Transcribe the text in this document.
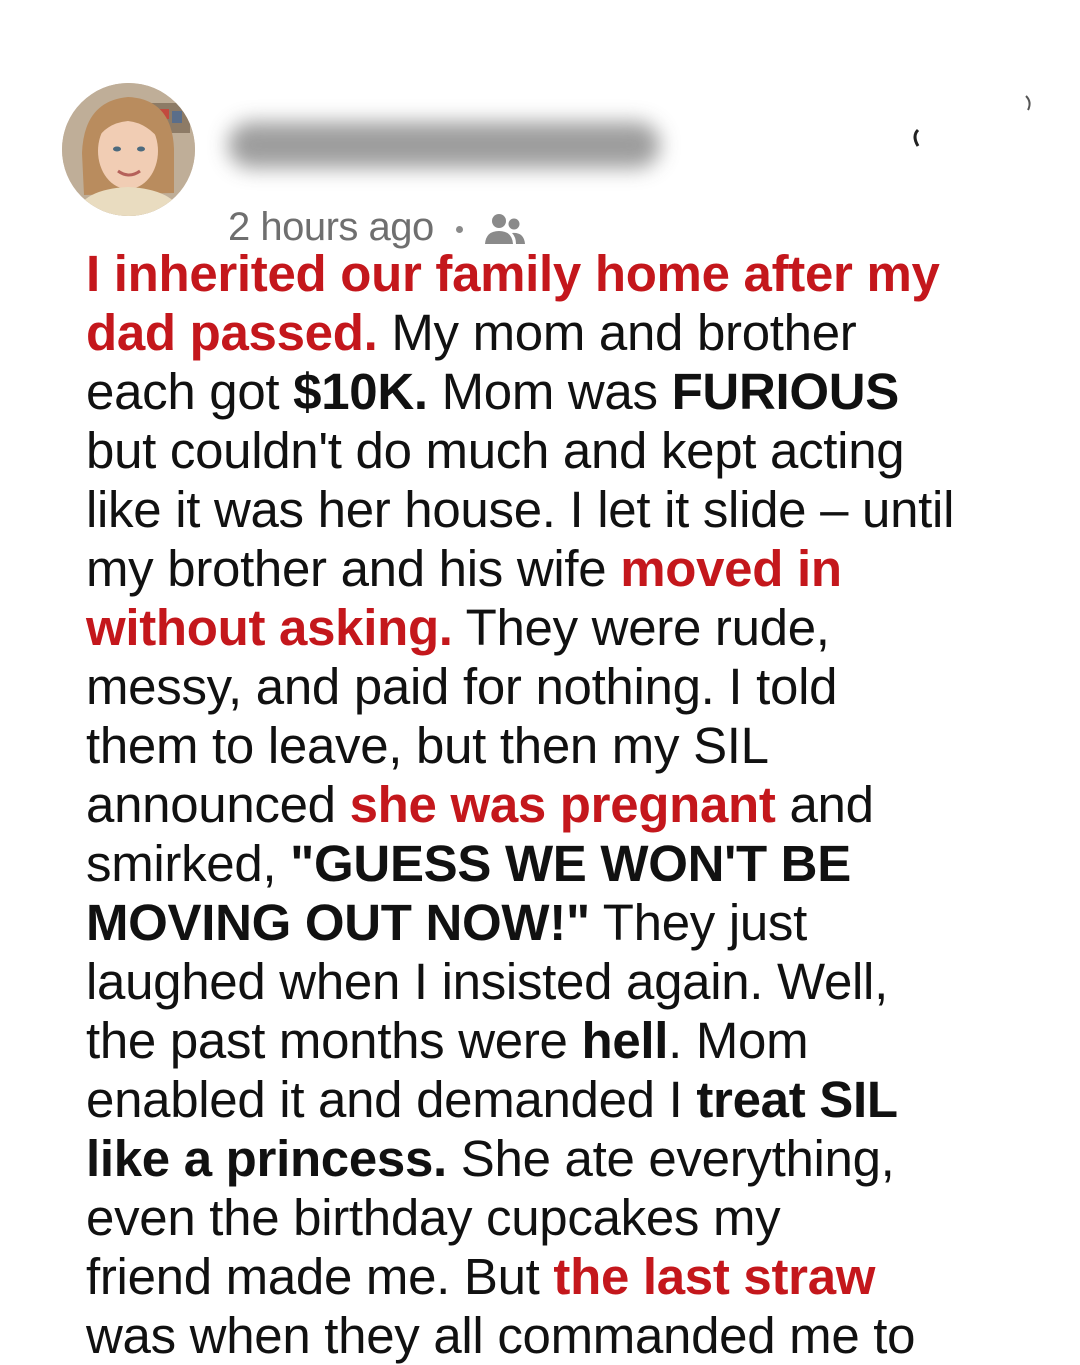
2 hours ago
I inherited our family home after my
dad passed. My mom and brother
each got $10K. Mom was FURIOUS
but couldn't do much and kept acting
like it was her house. I let it slide – until
my brother and his wife moved in
without asking. They were rude,
messy, and paid for nothing. I told
them to leave, but then my SIL
announced she was pregnant and
smirked, "GUESS WE WON'T BE
MOVING OUT NOW!" They just
laughed when I insisted again. Well,
the past months were hell. Mom
enabled it and demanded I treat SIL
like a princess. She ate everything,
even the birthday cupcakes my
friend made me. But the last straw
was when they all commanded me to
